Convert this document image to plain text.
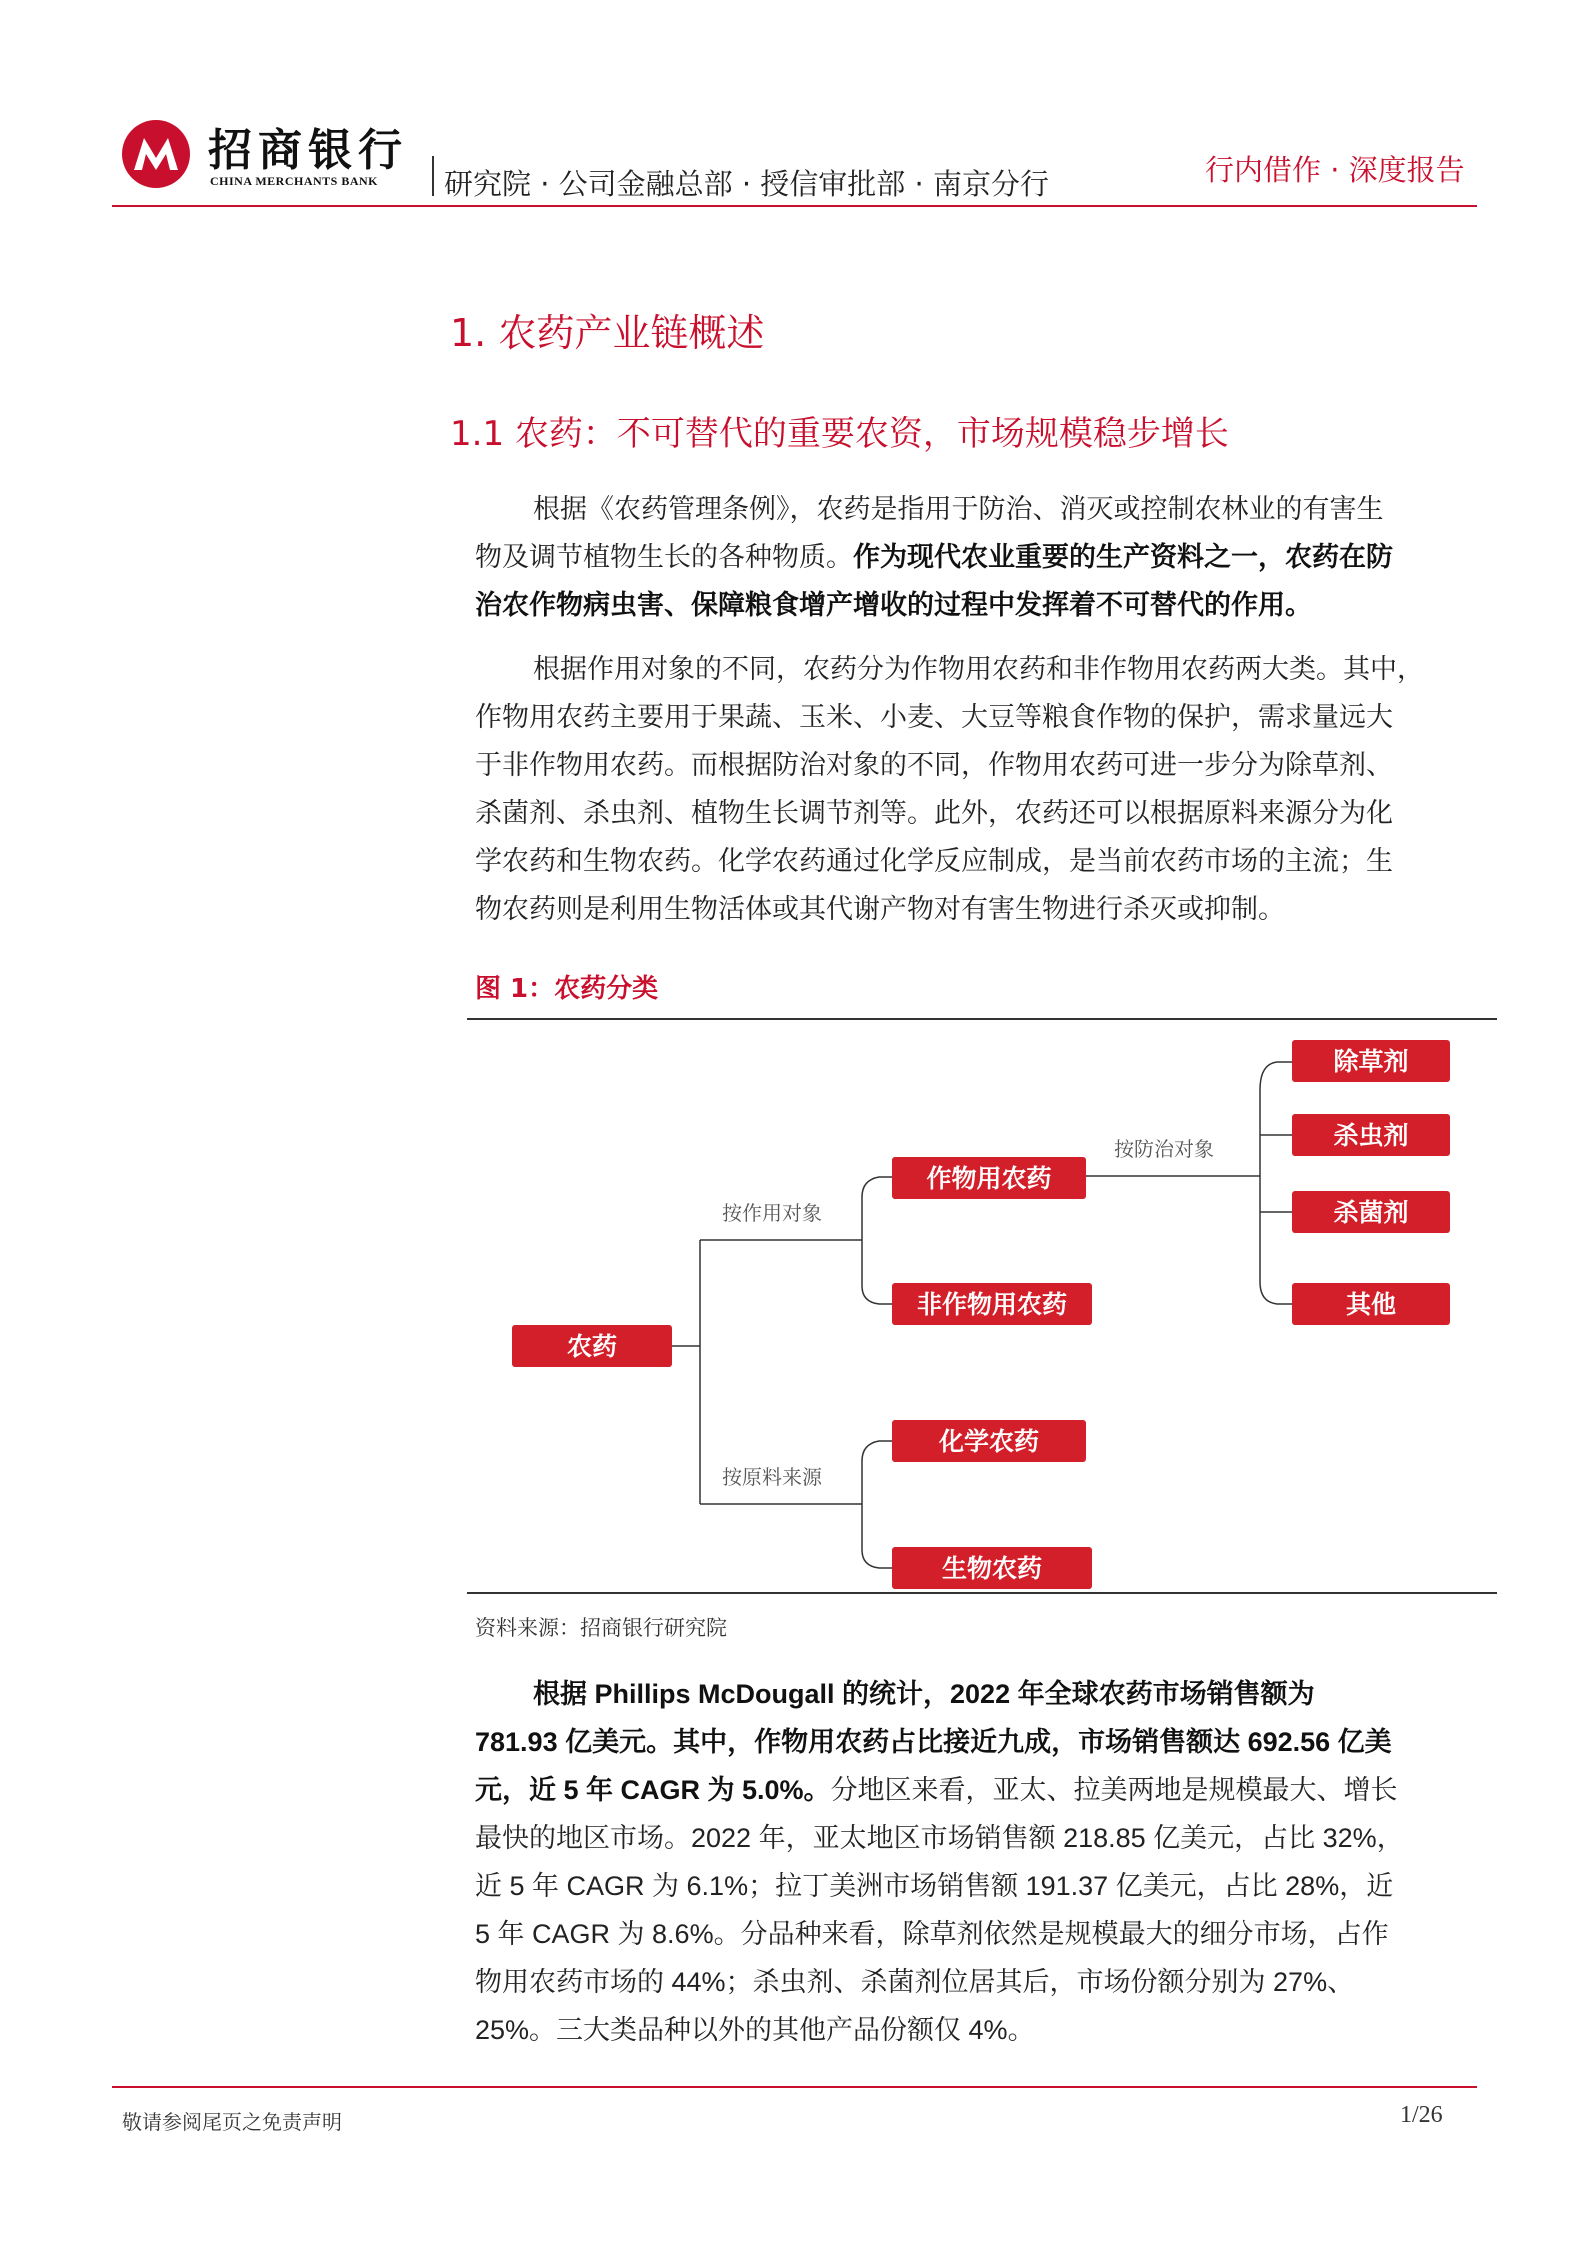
招商银行
CHINA MERCHANTS BANK 研究院 · 公司金融总部 · 授信审批部 · 南京分行	行内借作 · 深度报告
1. 农药产业链概述
1.1 农药：不可替代的重要农资，市场规模稳步增长
根据《农药管理条例》，农药是指用于防治、消灭或控制农林业的有害生
物及调节植物生长的各种物质。作为现代农业重要的生产资料之一，农药在防
治农作物病虫害、保障粮食增产增收的过程中发挥着不可替代的作用。
根据作用对象的不同，农药分为作物用农药和非作物用农药两大类。其中，
作物用农药主要用于果蔬、玉米、小麦、大豆等粮食作物的保护，需求量远大
于非作物用农药。而根据防治对象的不同，作物用农药可进一步分为除草剂、
杀菌剂、杀虫剂、植物生长调节剂等。此外，农药还可以根据原料来源分为化
学农药和生物农药。化学农药通过化学反应制成，是当前农药市场的主流；生
物农药则是利用生物活体或其代谢产物对有害生物进行杀灭或抑制。
图 1：农药分类
按作用对象
按原料来源
按防治对象
农药
作物用农药
非作物用农药
化学农药
生物农药
除草剂
杀虫剂
杀菌剂
其他
资料来源：招商银行研究院
根据 Phillips McDougall 的统计，2022 年全球农药市场销售额为
781.93 亿美元。其中，作物用农药占比接近九成，市场销售额达 692.56 亿美
元，近 5 年 CAGR 为 5.0%。分地区来看，亚太、拉美两地是规模最大、增长
最快的地区市场。2022 年，亚太地区市场销售额 218.85 亿美元，占比 32%，
近 5 年 CAGR 为 6.1%；拉丁美洲市场销售额 191.37 亿美元，占比 28%，近
5 年 CAGR 为 8.6%。分品种来看，除草剂依然是规模最大的细分市场，占作
物用农药市场的 44%；杀虫剂、杀菌剂位居其后，市场份额分别为 27%、
25%。三大类品种以外的其他产品份额仅 4%。
敬请参阅尾页之免责声明	1/26
